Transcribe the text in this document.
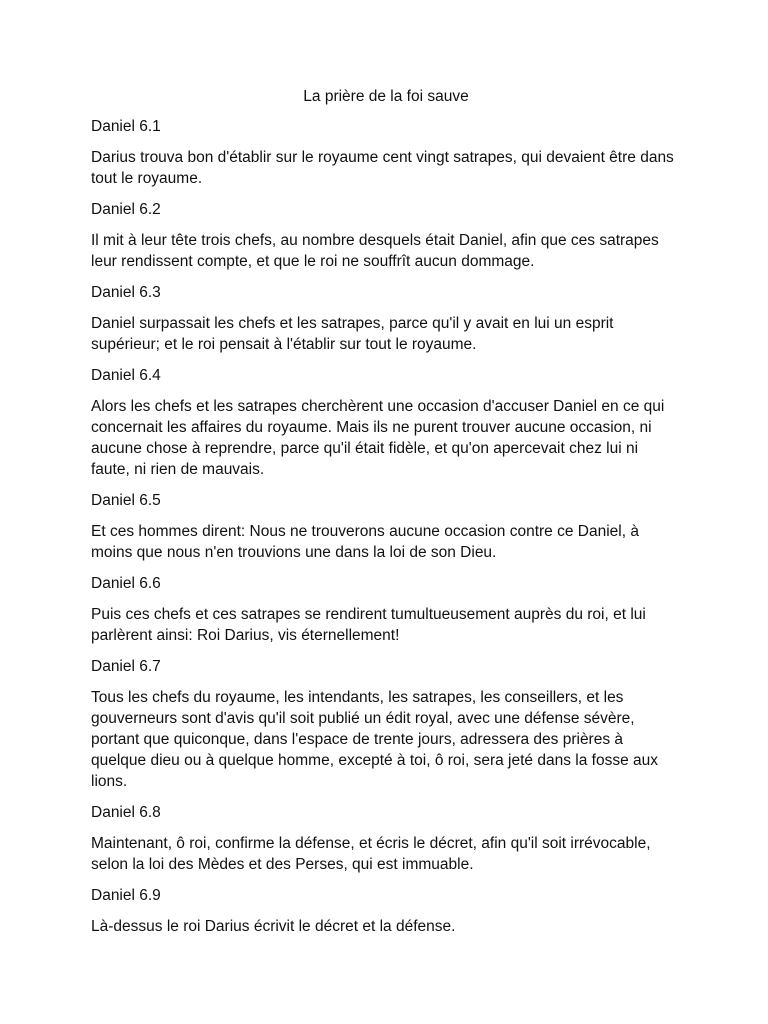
La prière de la foi sauve

Daniel 6.1

Darius trouva bon d'établir sur le royaume cent vingt satrapes, qui devaient être dans tout le royaume.

Daniel 6.2

Il mit à leur tête trois chefs, au nombre desquels était Daniel, afin que ces satrapes leur rendissent compte, et que le roi ne souffrît aucun dommage.

Daniel 6.3

Daniel surpassait les chefs et les satrapes, parce qu'il y avait en lui un esprit supérieur; et le roi pensait à l'établir sur tout le royaume.

Daniel 6.4

Alors les chefs et les satrapes cherchèrent une occasion d'accuser Daniel en ce qui concernait les affaires du royaume. Mais ils ne purent trouver aucune occasion, ni aucune chose à reprendre, parce qu'il était fidèle, et qu'on apercevait chez lui ni faute, ni rien de mauvais.

Daniel 6.5

Et ces hommes dirent: Nous ne trouverons aucune occasion contre ce Daniel, à moins que nous n'en trouvions une dans la loi de son Dieu.

Daniel 6.6

Puis ces chefs et ces satrapes se rendirent tumultueusement auprès du roi, et lui parlèrent ainsi: Roi Darius, vis éternellement!

Daniel 6.7

Tous les chefs du royaume, les intendants, les satrapes, les conseillers, et les gouverneurs sont d'avis qu'il soit publié un édit royal, avec une défense sévère, portant que quiconque, dans l'espace de trente jours, adressera des prières à quelque dieu ou à quelque homme, excepté à toi, ô roi, sera jeté dans la fosse aux lions.

Daniel 6.8

Maintenant, ô roi, confirme la défense, et écris le décret, afin qu'il soit irrévocable, selon la loi des Mèdes et des Perses, qui est immuable.

Daniel 6.9

Là-dessus le roi Darius écrivit le décret et la défense.
